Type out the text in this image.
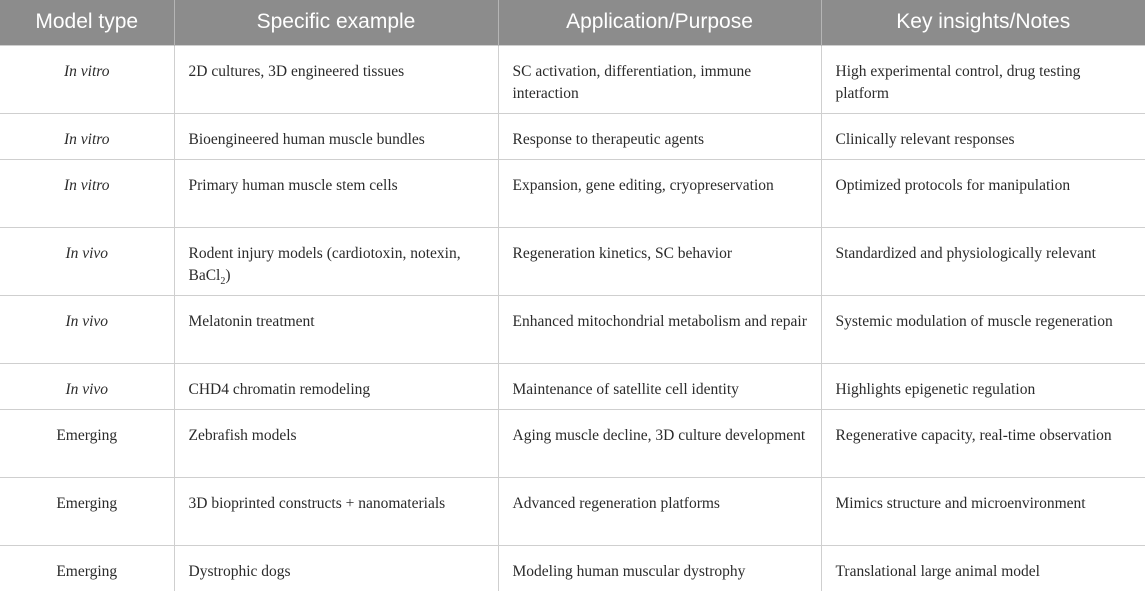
Model type	Specific example	Application/Purpose	Key insights/Notes
In vitro	2D cultures, 3D engineered tissues	SC activation, differentiation, immune interaction	High experimental control, drug testing platform
In vitro	Bioengineered human muscle bundles	Response to therapeutic agents	Clinically relevant responses
In vitro	Primary human muscle stem cells	Expansion, gene editing, cryopreservation	Optimized protocols for manipulation
In vivo	Rodent injury models (cardiotoxin, notexin, BaCl$_2$)	Regeneration kinetics, SC behavior	Standardized and physiologically relevant
In vivo	Melatonin treatment	Enhanced mitochondrial metabolism and repair	Systemic modulation of muscle regeneration
In vivo	CHD4 chromatin remodeling	Maintenance of satellite cell identity	Highlights epigenetic regulation
Emerging	Zebrafish models	Aging muscle decline, 3D culture development	Regenerative capacity, real-time observation
Emerging	3D bioprinted constructs + nanomaterials	Advanced regeneration platforms	Mimics structure and microenvironment
Emerging	Dystrophic dogs	Modeling human muscular dystrophy	Translational large animal model
